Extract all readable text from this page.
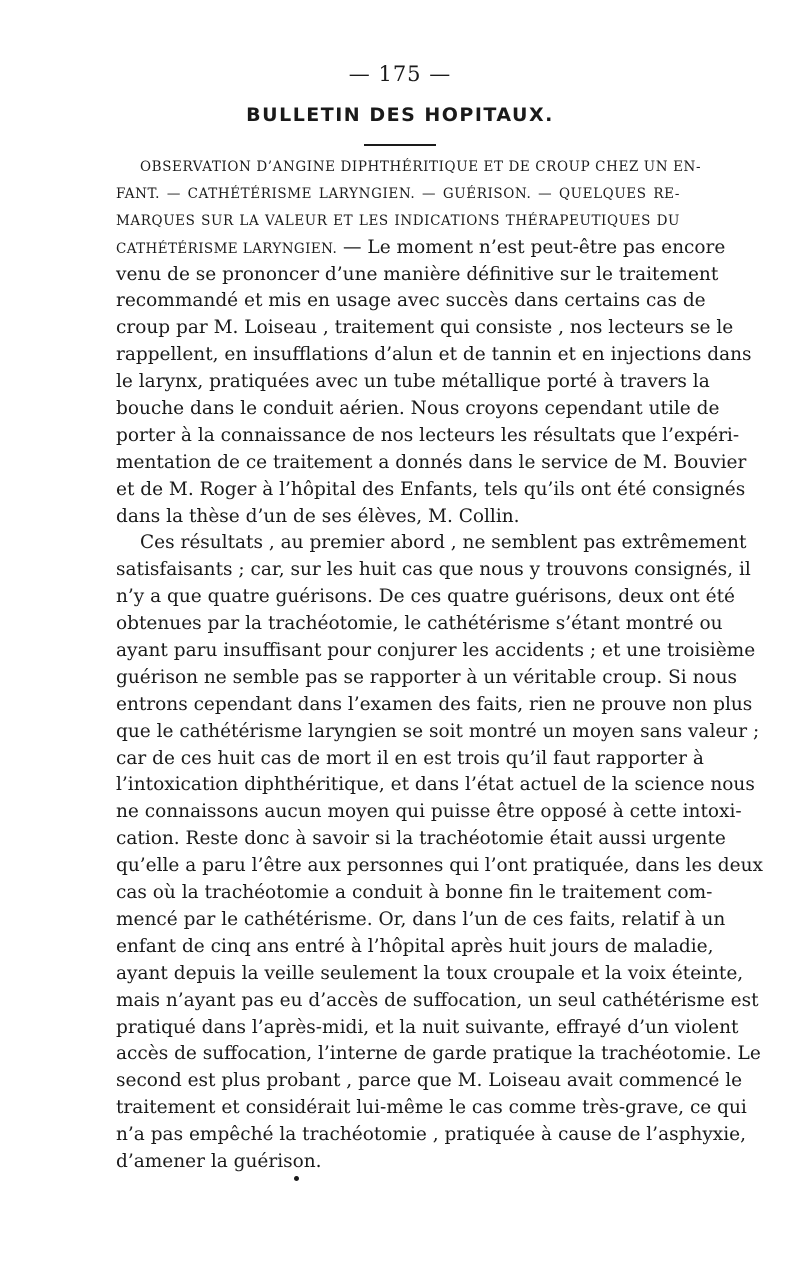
— 175 —
BULLETIN DES HOPITAUX.
OBSERVATION D’ANGINE DIPHTHÉRITIQUE ET DE CROUP CHEZ UN EN-
FANT. — CATHÉTÉRISME LARYNGIEN. — GUÉRISON. — QUELQUES RE-
MARQUES SUR LA VALEUR ET LES INDICATIONS THÉRAPEUTIQUES DU
CATHÉTÉRISME LARYNGIEN. — Le moment n’est peut-être pas encore
venu de se prononcer d’une manière définitive sur le traitement
recommandé et mis en usage avec succès dans certains cas de
croup par M. Loiseau , traitement qui consiste , nos lecteurs se le
rappellent, en insufflations d’alun et de tannin et en injections dans
le larynx, pratiquées avec un tube métallique porté à travers la
bouche dans le conduit aérien. Nous croyons cependant utile de
porter à la connaissance de nos lecteurs les résultats que l’expéri-
mentation de ce traitement a donnés dans le service de M. Bouvier
et de M. Roger à l’hôpital des Enfants, tels qu’ils ont été consignés
dans la thèse d’un de ses élèves, M. Collin.
Ces résultats , au premier abord , ne semblent pas extrêmement
satisfaisants ; car, sur les huit cas que nous y trouvons consignés, il
n’y a que quatre guérisons. De ces quatre guérisons, deux ont été
obtenues par la trachéotomie, le cathétérisme s’étant montré ou
ayant paru insuffisant pour conjurer les accidents ; et une troisième
guérison ne semble pas se rapporter à un véritable croup. Si nous
entrons cependant dans l’examen des faits, rien ne prouve non plus
que le cathétérisme laryngien se soit montré un moyen sans valeur ;
car de ces huit cas de mort il en est trois qu’il faut rapporter à
l’intoxication diphthéritique, et dans l’état actuel de la science nous
ne connaissons aucun moyen qui puisse être opposé à cette intoxi-
cation. Reste donc à savoir si la trachéotomie était aussi urgente
qu’elle a paru l’être aux personnes qui l’ont pratiquée, dans les deux
cas où la trachéotomie a conduit à bonne fin le traitement com-
mencé par le cathétérisme. Or, dans l’un de ces faits, relatif à un
enfant de cinq ans entré à l’hôpital après huit jours de maladie,
ayant depuis la veille seulement la toux croupale et la voix éteinte,
mais n’ayant pas eu d’accès de suffocation, un seul cathétérisme est
pratiqué dans l’après-midi, et la nuit suivante, effrayé d’un violent
accès de suffocation, l’interne de garde pratique la trachéotomie. Le
second est plus probant , parce que M. Loiseau avait commencé le
traitement et considérait lui-même le cas comme très-grave, ce qui
n’a pas empêché la trachéotomie , pratiquée à cause de l’asphyxie,
d’amener la guérison.
